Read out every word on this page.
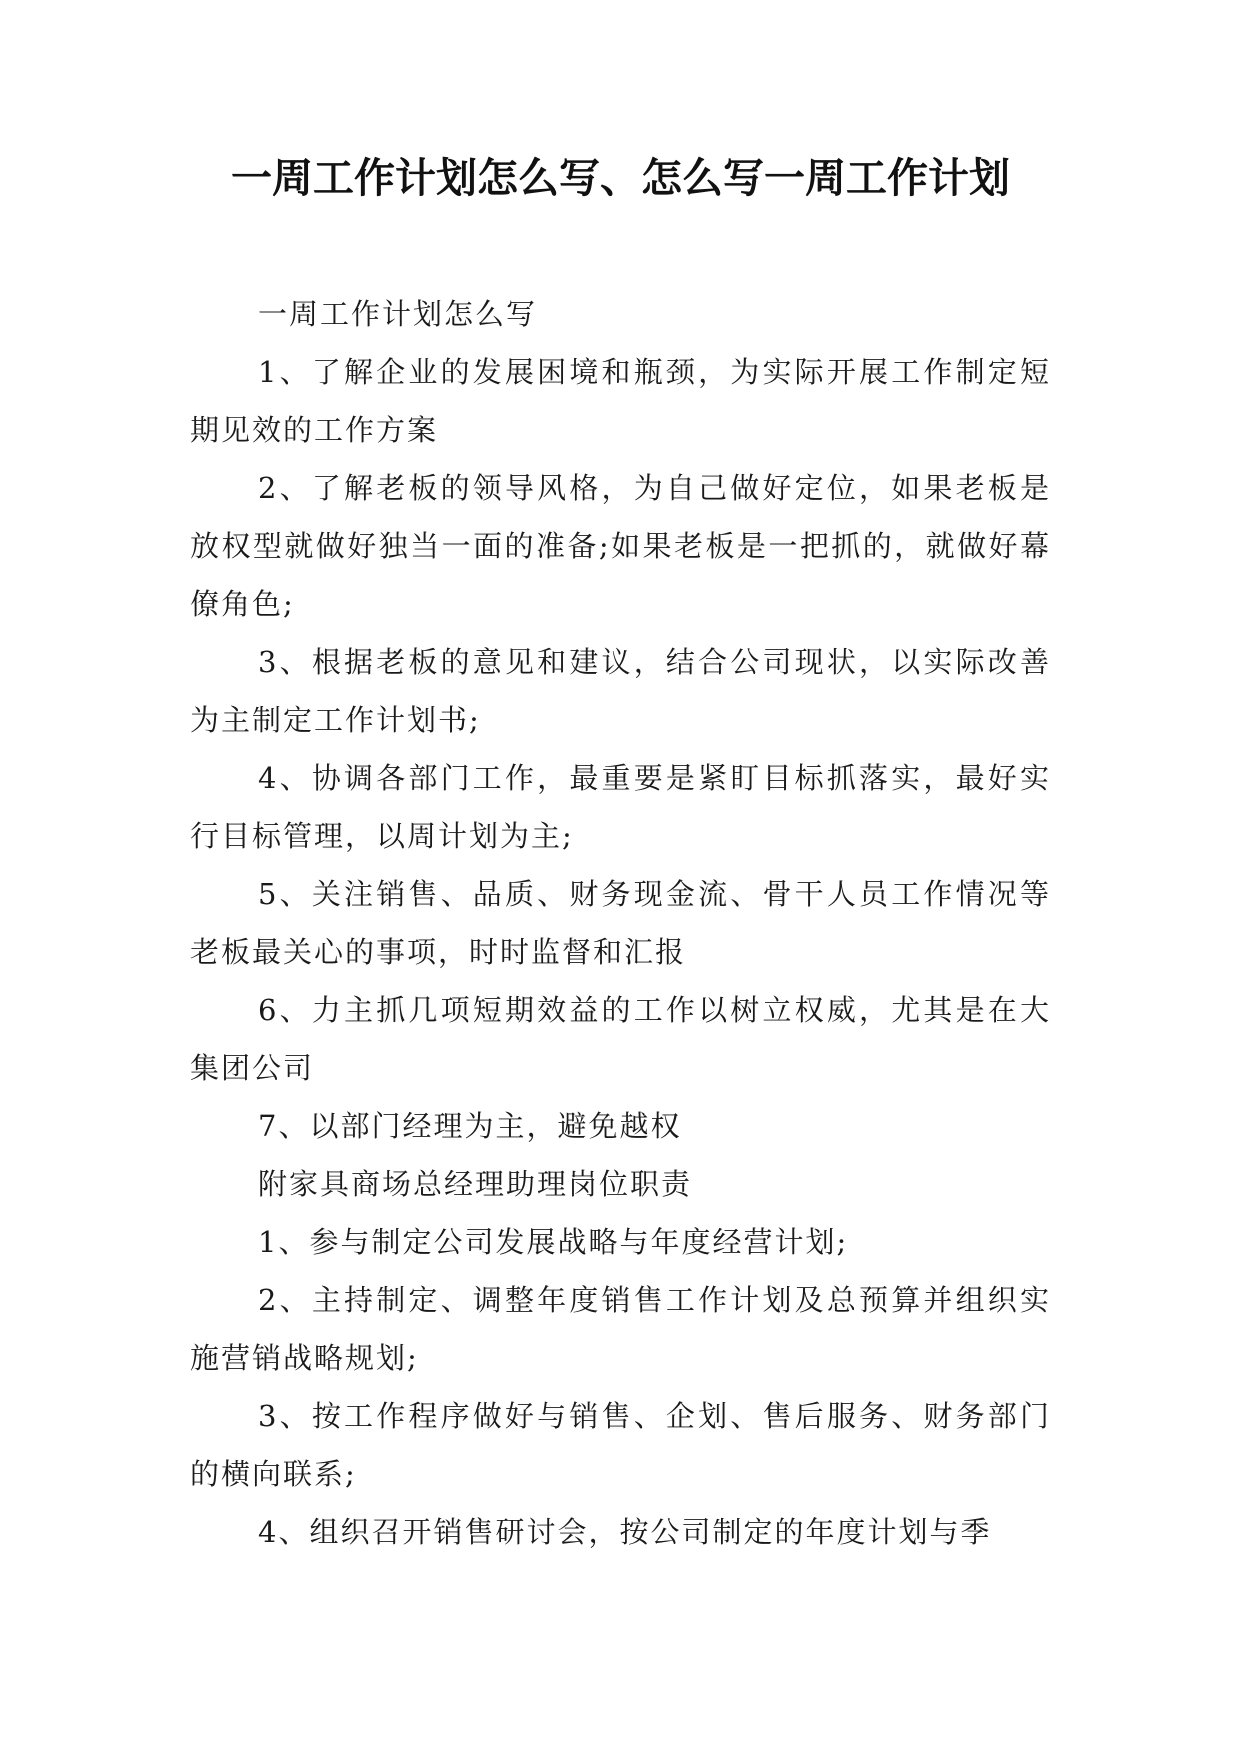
一周工作计划怎么写、怎么写一周工作计划

一周工作计划怎么写

1、了解企业的发展困境和瓶颈，为实际开展工作制定短期见效的工作方案

2、了解老板的领导风格，为自己做好定位，如果老板是放权型就做好独当一面的准备;如果老板是一把抓的，就做好幕僚角色;

3、根据老板的意见和建议，结合公司现状，以实际改善为主制定工作计划书;

4、协调各部门工作，最重要是紧盯目标抓落实，最好实行目标管理，以周计划为主;

5、关注销售、品质、财务现金流、骨干人员工作情况等老板最关心的事项，时时监督和汇报

6、力主抓几项短期效益的工作以树立权威，尤其是在大集团公司

7、以部门经理为主，避免越权

附家具商场总经理助理岗位职责

1、参与制定公司发展战略与年度经营计划;

2、主持制定、调整年度销售工作计划及总预算并组织实施营销战略规划;

3、按工作程序做好与销售、企划、售后服务、财务部门的横向联系;

4、组织召开销售研讨会，按公司制定的年度计划与季
